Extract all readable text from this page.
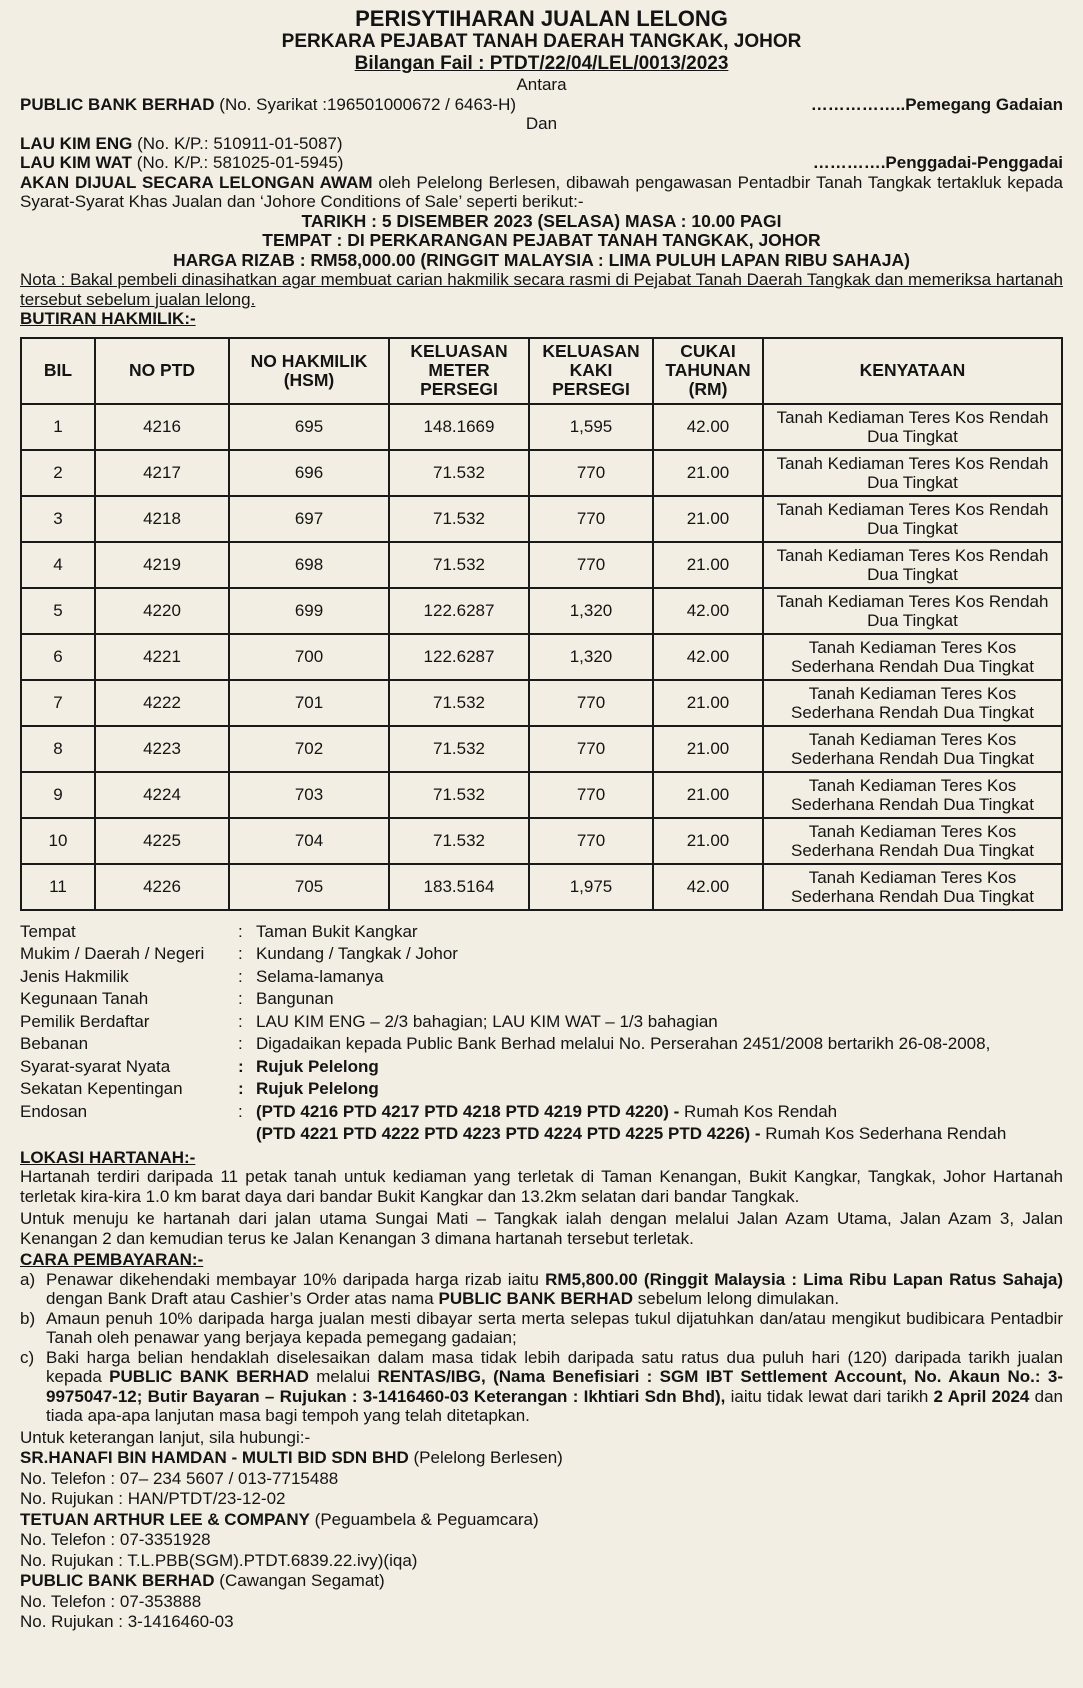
PERISYTIHARAN JUALAN LELONG
PERKARA PEJABAT TANAH DAERAH TANGKAK, JOHOR
Bilangan Fail : PTDT/22/04/LEL/0013/2023
Antara
PUBLIC BANK BERHAD (No. Syarikat :196501000672 / 6463-H)	……………..Pemegang Gadaian
Dan
LAU KIM ENG (No. K/P.: 510911-01-5087)
LAU KIM WAT (No. K/P.: 581025-01-5945)	………….Penggadai-Penggadai
AKAN DIJUAL SECARA LELONGAN AWAM oleh Pelelong Berlesen, dibawah pengawasan Pentadbir Tanah Tangkak tertakluk kepada Syarat-Syarat Khas Jualan dan ‘Johore Conditions of Sale’ seperti berikut:-
TARIKH : 5 DISEMBER 2023 (SELASA) MASA : 10.00 PAGI
TEMPAT : DI PERKARANGAN PEJABAT TANAH TANGKAK, JOHOR
HARGA RIZAB : RM58,000.00 (RINGGIT MALAYSIA : LIMA PULUH LAPAN RIBU SAHAJA)
Nota : Bakal pembeli dinasihatkan agar membuat carian hakmilik secara rasmi di Pejabat Tanah Daerah Tangkak dan memeriksa hartanah tersebut sebelum jualan lelong.
BUTIRAN HAKMILIK:-
BIL	NO PTD	NO HAKMILIK (HSM)	KELUASAN METER PERSEGI	KELUASAN KAKI PERSEGI	CUKAI TAHUNAN (RM)	KENYATAAN
1	4216	695	148.1669	1,595	42.00	Tanah Kediaman Teres Kos Rendah Dua Tingkat
2	4217	696	71.532	770	21.00	Tanah Kediaman Teres Kos Rendah Dua Tingkat
3	4218	697	71.532	770	21.00	Tanah Kediaman Teres Kos Rendah Dua Tingkat
4	4219	698	71.532	770	21.00	Tanah Kediaman Teres Kos Rendah Dua Tingkat
5	4220	699	122.6287	1,320	42.00	Tanah Kediaman Teres Kos Rendah Dua Tingkat
6	4221	700	122.6287	1,320	42.00	Tanah Kediaman Teres Kos Sederhana Rendah Dua Tingkat
7	4222	701	71.532	770	21.00	Tanah Kediaman Teres Kos Sederhana Rendah Dua Tingkat
8	4223	702	71.532	770	21.00	Tanah Kediaman Teres Kos Sederhana Rendah Dua Tingkat
9	4224	703	71.532	770	21.00	Tanah Kediaman Teres Kos Sederhana Rendah Dua Tingkat
10	4225	704	71.532	770	21.00	Tanah Kediaman Teres Kos Sederhana Rendah Dua Tingkat
11	4226	705	183.5164	1,975	42.00	Tanah Kediaman Teres Kos Sederhana Rendah Dua Tingkat
Tempat	: Taman Bukit Kangkar
Mukim / Daerah / Negeri	: Kundang / Tangkak / Johor
Jenis Hakmilik	: Selama-lamanya
Kegunaan Tanah	: Bangunan
Pemilik Berdaftar	: LAU KIM ENG – 2/3 bahagian; LAU KIM WAT – 1/3 bahagian
Bebanan	: Digadaikan kepada Public Bank Berhad melalui No. Perserahan 2451/2008 bertarikh 26-08-2008,
Syarat-syarat Nyata	: Rujuk Pelelong
Sekatan Kepentingan	: Rujuk Pelelong
Endosan	: (PTD 4216 PTD 4217 PTD 4218 PTD 4219 PTD 4220) - Rumah Kos Rendah
(PTD 4221 PTD 4222 PTD 4223 PTD 4224 PTD 4225 PTD 4226) - Rumah Kos Sederhana Rendah
LOKASI HARTANAH:-
Hartanah terdiri daripada 11 petak tanah untuk kediaman yang terletak di Taman Kenangan, Bukit Kangkar, Tangkak, Johor Hartanah terletak kira-kira 1.0 km barat daya dari bandar Bukit Kangkar dan 13.2km selatan dari bandar Tangkak.
Untuk menuju ke hartanah dari jalan utama Sungai Mati – Tangkak ialah dengan melalui Jalan Azam Utama, Jalan Azam 3, Jalan Kenangan 2 dan kemudian terus ke Jalan Kenangan 3 dimana hartanah tersebut terletak.
CARA PEMBAYARAN:-
a) Penawar dikehendaki membayar 10% daripada harga rizab iaitu RM5,800.00 (Ringgit Malaysia : Lima Ribu Lapan Ratus Sahaja) dengan Bank Draft atau Cashier’s Order atas nama PUBLIC BANK BERHAD sebelum lelong dimulakan.
b) Amaun penuh 10% daripada harga jualan mesti dibayar serta merta selepas tukul dijatuhkan dan/atau mengikut budibicara Pentadbir Tanah oleh penawar yang berjaya kepada pemegang gadaian;
c) Baki harga belian hendaklah diselesaikan dalam masa tidak lebih daripada satu ratus dua puluh hari (120) daripada tarikh jualan kepada PUBLIC BANK BERHAD melalui RENTAS/IBG, (Nama Benefisiari : SGM IBT Settlement Account, No. Akaun No.: 3-9975047-12; Butir Bayaran – Rujukan : 3-1416460-03 Keterangan : Ikhtiari Sdn Bhd), iaitu tidak lewat dari tarikh 2 April 2024 dan tiada apa-apa lanjutan masa bagi tempoh yang telah ditetapkan.
Untuk keterangan lanjut, sila hubungi:-
SR.HANAFI BIN HAMDAN - MULTI BID SDN BHD (Pelelong Berlesen)
No. Telefon : 07– 234 5607 / 013-7715488
No. Rujukan : HAN/PTDT/23-12-02
TETUAN ARTHUR LEE & COMPANY (Peguambela & Peguamcara)
No. Telefon : 07-3351928
No. Rujukan : T.L.PBB(SGM).PTDT.6839.22.ivy)(iqa)
PUBLIC BANK BERHAD (Cawangan Segamat)
No. Telefon : 07-353888
No. Rujukan : 3-1416460-03
